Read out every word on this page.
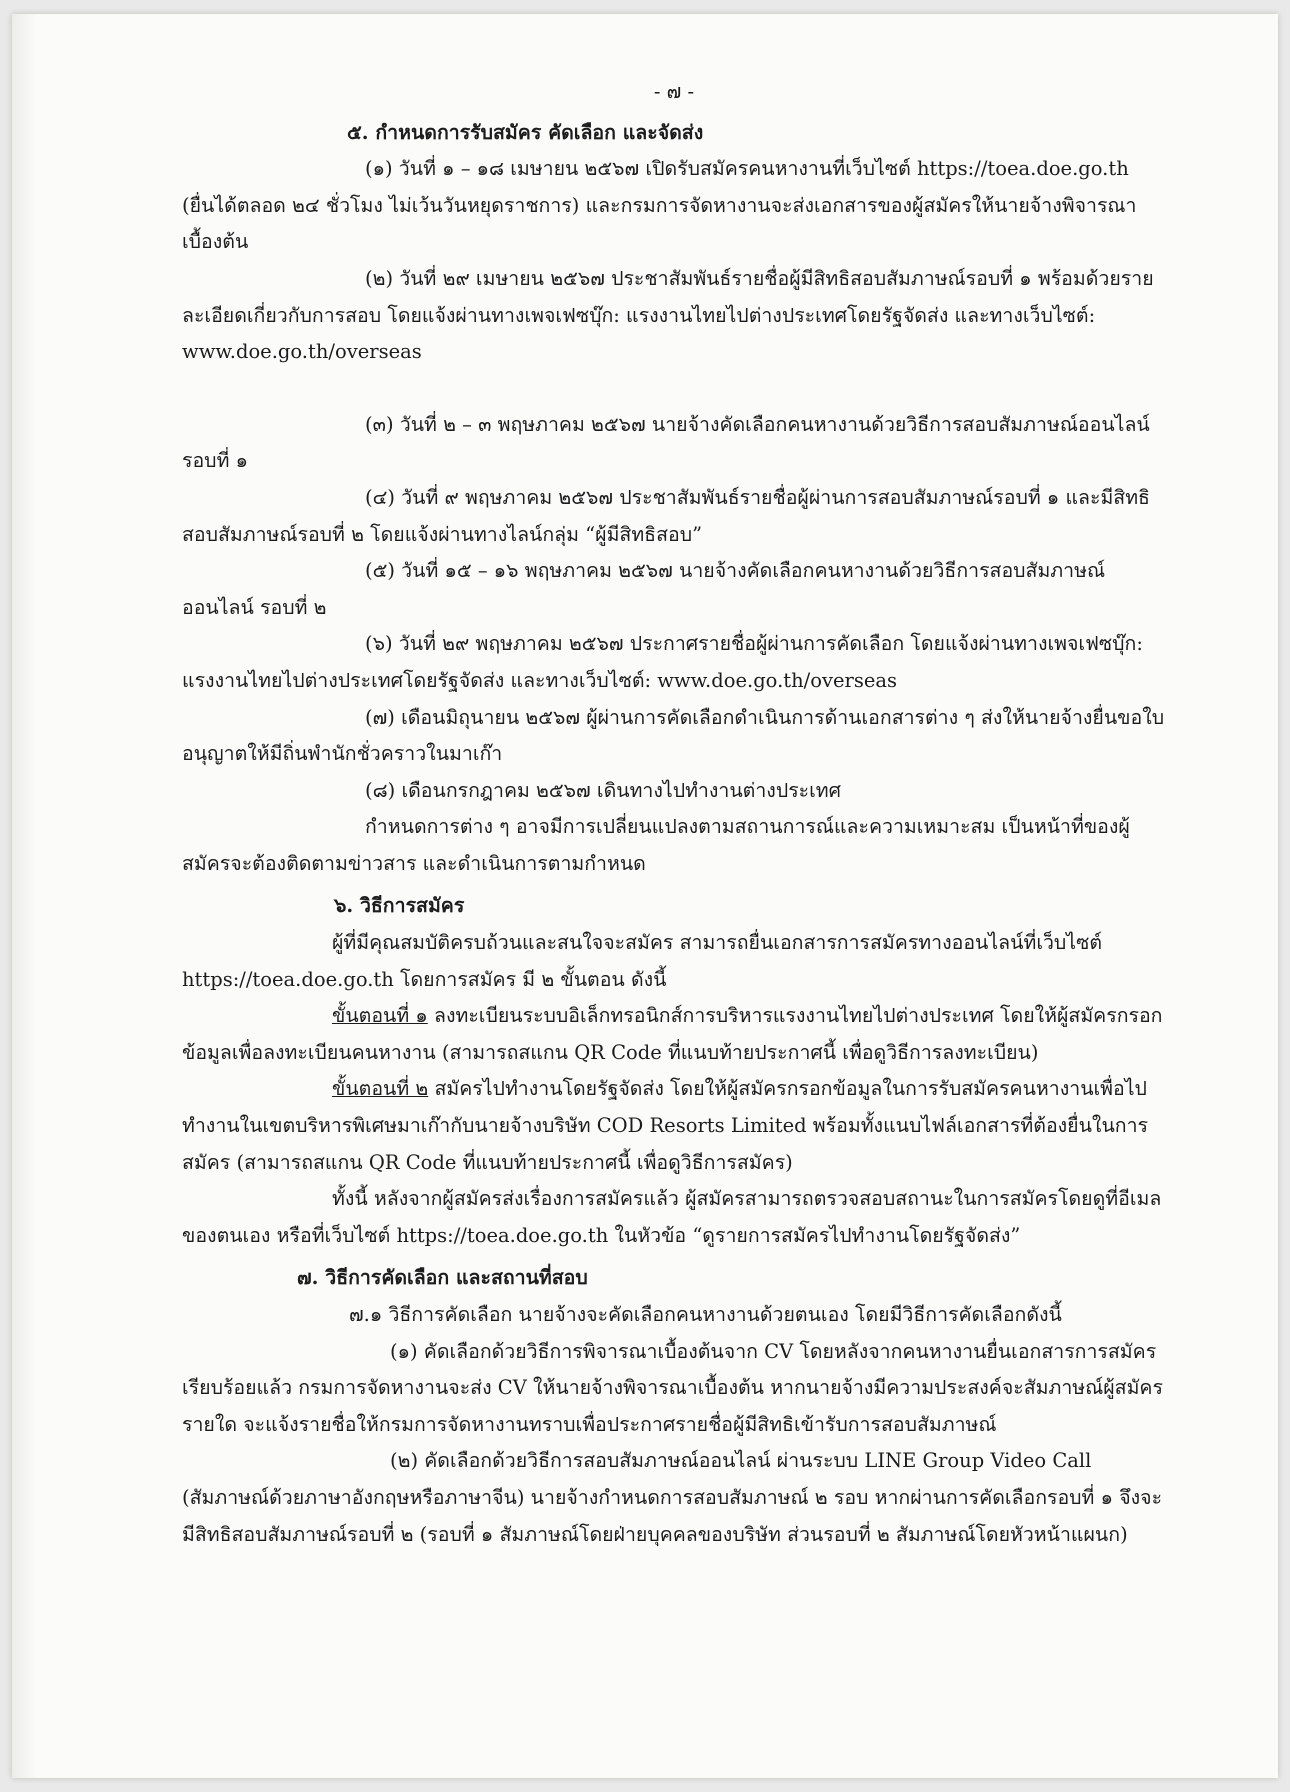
- ๗ -

๕. กำหนดการรับสมัคร คัดเลือก และจัดส่ง

(๑) วันที่ ๑ – ๑๘ เมษายน ๒๕๖๗ เปิดรับสมัครคนหางานที่เว็บไซต์ https://toea.doe.go.th (ยื่นได้ตลอด ๒๔ ชั่วโมง ไม่เว้นวันหยุดราชการ) และกรมการจัดหางานจะส่งเอกสารของผู้สมัครให้นายจ้างพิจารณาเบื้องต้น

(๒) วันที่ ๒๙ เมษายน ๒๕๖๗ ประชาสัมพันธ์รายชื่อผู้มีสิทธิสอบสัมภาษณ์รอบที่ ๑ พร้อมด้วยรายละเอียดเกี่ยวกับการสอบ โดยแจ้งผ่านทางเพจเฟซบุ๊ก: แรงงานไทยไปต่างประเทศโดยรัฐจัดส่ง และทางเว็บไซต์: www.doe.go.th/overseas

(๓) วันที่ ๒ – ๓ พฤษภาคม ๒๕๖๗ นายจ้างคัดเลือกคนหางานด้วยวิธีการสอบสัมภาษณ์ออนไลน์ รอบที่ ๑

(๔) วันที่ ๙ พฤษภาคม ๒๕๖๗ ประชาสัมพันธ์รายชื่อผู้ผ่านการสอบสัมภาษณ์รอบที่ ๑ และมีสิทธิสอบสัมภาษณ์รอบที่ ๒ โดยแจ้งผ่านทางไลน์กลุ่ม “ผู้มีสิทธิสอบ”

(๕) วันที่ ๑๕ – ๑๖ พฤษภาคม ๒๕๖๗ นายจ้างคัดเลือกคนหางานด้วยวิธีการสอบสัมภาษณ์ออนไลน์ รอบที่ ๒

(๖) วันที่ ๒๙ พฤษภาคม ๒๕๖๗ ประกาศรายชื่อผู้ผ่านการคัดเลือก โดยแจ้งผ่านทางเพจเฟซบุ๊ก: แรงงานไทยไปต่างประเทศโดยรัฐจัดส่ง และทางเว็บไซต์: www.doe.go.th/overseas

(๗) เดือนมิถุนายน ๒๕๖๗ ผู้ผ่านการคัดเลือกดำเนินการด้านเอกสารต่าง ๆ ส่งให้นายจ้างยื่นขอใบอนุญาตให้มีถิ่นพำนักชั่วคราวในมาเก๊า

(๘) เดือนกรกฎาคม ๒๕๖๗ เดินทางไปทำงานต่างประเทศ

กำหนดการต่าง ๆ อาจมีการเปลี่ยนแปลงตามสถานการณ์และความเหมาะสม เป็นหน้าที่ของผู้สมัครจะต้องติดตามข่าวสาร และดำเนินการตามกำหนด

๖. วิธีการสมัคร

ผู้ที่มีคุณสมบัติครบถ้วนและสนใจจะสมัคร สามารถยื่นเอกสารการสมัครทางออนไลน์ที่เว็บไซต์ https://toea.doe.go.th โดยการสมัคร มี ๒ ขั้นตอน ดังนี้

ขั้นตอนที่ ๑ ลงทะเบียนระบบอิเล็กทรอนิกส์การบริหารแรงงานไทยไปต่างประเทศ โดยให้ผู้สมัครกรอกข้อมูลเพื่อลงทะเบียนคนหางาน (สามารถสแกน QR Code ที่แนบท้ายประกาศนี้ เพื่อดูวิธีการลงทะเบียน)

ขั้นตอนที่ ๒ สมัครไปทำงานโดยรัฐจัดส่ง โดยให้ผู้สมัครกรอกข้อมูลในการรับสมัครคนหางานเพื่อไปทำงานในเขตบริหารพิเศษมาเก๊ากับนายจ้างบริษัท COD Resorts Limited พร้อมทั้งแนบไฟล์เอกสารที่ต้องยื่นในการสมัคร (สามารถสแกน QR Code ที่แนบท้ายประกาศนี้ เพื่อดูวิธีการสมัคร)

ทั้งนี้ หลังจากผู้สมัครส่งเรื่องการสมัครแล้ว ผู้สมัครสามารถตรวจสอบสถานะในการสมัครโดยดูที่อีเมลของตนเอง หรือที่เว็บไซต์ https://toea.doe.go.th ในหัวข้อ “ดูรายการสมัครไปทำงานโดยรัฐจัดส่ง”

๗. วิธีการคัดเลือก และสถานที่สอบ

๗.๑ วิธีการคัดเลือก นายจ้างจะคัดเลือกคนหางานด้วยตนเอง โดยมีวิธีการคัดเลือกดังนี้

(๑) คัดเลือกด้วยวิธีการพิจารณาเบื้องต้นจาก CV โดยหลังจากคนหางานยื่นเอกสารการสมัครเรียบร้อยแล้ว กรมการจัดหางานจะส่ง CV ให้นายจ้างพิจารณาเบื้องต้น หากนายจ้างมีความประสงค์จะสัมภาษณ์ผู้สมัครรายใด จะแจ้งรายชื่อให้กรมการจัดหางานทราบเพื่อประกาศรายชื่อผู้มีสิทธิเข้ารับการสอบสัมภาษณ์

(๒) คัดเลือกด้วยวิธีการสอบสัมภาษณ์ออนไลน์ ผ่านระบบ LINE Group Video Call (สัมภาษณ์ด้วยภาษาอังกฤษหรือภาษาจีน) นายจ้างกำหนดการสอบสัมภาษณ์ ๒ รอบ หากผ่านการคัดเลือกรอบที่ ๑ จึงจะมีสิทธิสอบสัมภาษณ์รอบที่ ๒ (รอบที่ ๑ สัมภาษณ์โดยฝ่ายบุคคลของบริษัท ส่วนรอบที่ ๒ สัมภาษณ์โดยหัวหน้าแผนก)
